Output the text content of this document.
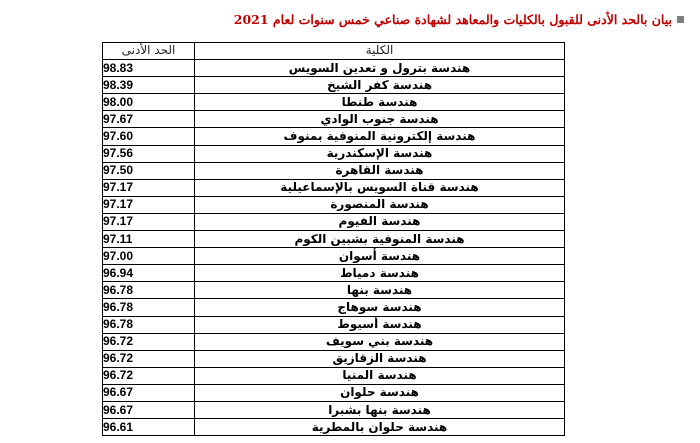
بيان بالحد الأدنى للقبول بالكليات والمعاهد لشهادة صناعي خمس سنوات لعام 2021
الكلية	الحد الأدنى
هندسة بترول و تعدين السويس	98.83
هندسة كفر الشيخ	98.39
هندسة طنطا	98.00
هندسة جنوب الوادي	97.67
هندسة إلكترونية المنوفية بمنوف	97.60
هندسة الإسكندرية	97.56
هندسة القاهرة	97.50
هندسة قناة السويس بالإسماعيلية	97.17
هندسة المنصورة	97.17
هندسة الفيوم	97.17
هندسة المنوفية بشبين الكوم	97.11
هندسة أسوان	97.00
هندسة دمياط	96.94
هندسة بنها	96.78
هندسة سوهاج	96.78
هندسة أسيوط	96.78
هندسة بني سويف	96.72
هندسة الزقازيق	96.72
هندسة المنيا	96.72
هندسة حلوان	96.67
هندسة بنها بشبرا	96.67
هندسة حلوان بالمطرية	96.61
